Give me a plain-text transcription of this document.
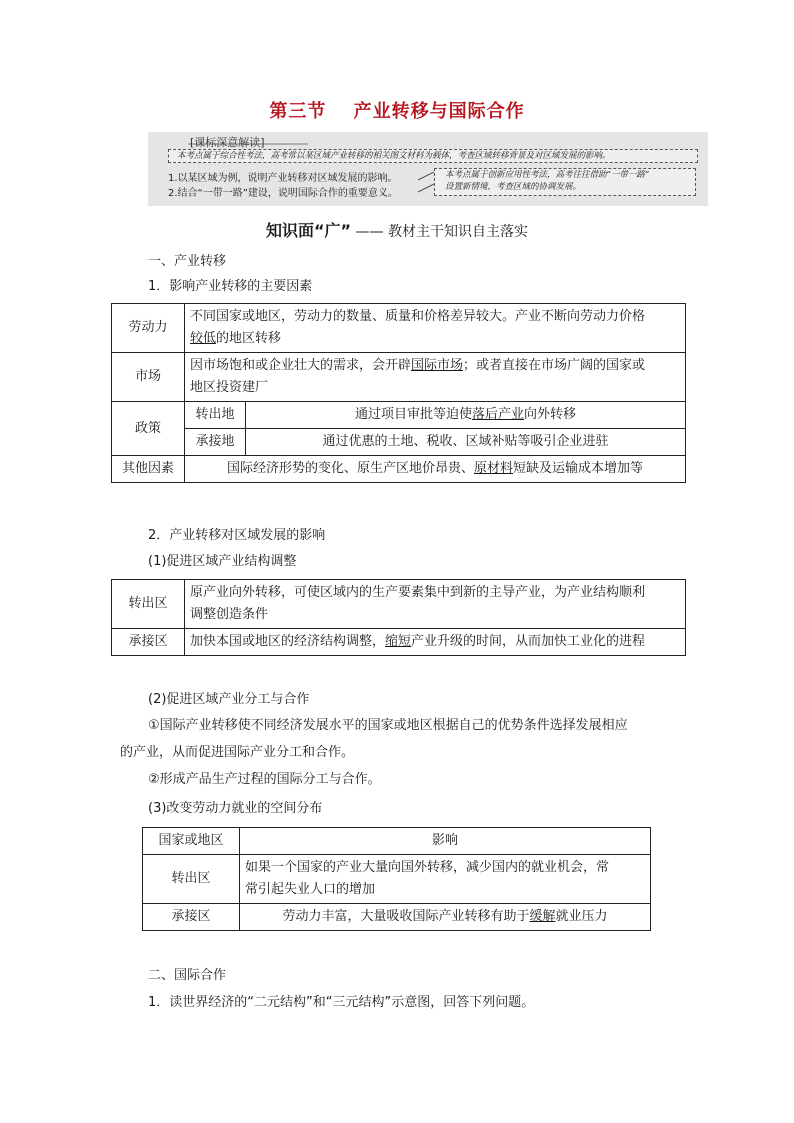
第三节 产业转移与国际合作
[课标深意解读]
本考点属于综合性考法，高考常以某区域产业转移的相关图文材料为载体，考查区域转移背景及对区域发展的影响。
1.以某区域为例，说明产业转移对区域发展的影响。
2.结合“一带一路”建设，说明国际合作的重要意义。
本考点属于创新应用性考法，高考往往借助“一带一路”
设置新情境，考查区域的协调发展。
知识面“广” —— 教材主干知识自主落实
一、产业转移
1．影响产业转移的主要因素
劳动力	不同国家或地区，劳动力的数量、质量和价格差异较大。产业不断向劳动力价格
较低的地区转移	
市场	因市场饱和或企业壮大的需求，会开辟国际市场；或者直接在市场广阔的国家或
地区投资建厂	
政策	转出地	通过项目审批等迫使落后产业向外转移
	承接地	通过优惠的土地、税收、区域补贴等吸引企业进驻
其他因素	国际经济形势的变化、原生产区地价昂贵、原材料短缺及运输成本增加等	
2．产业转移对区域发展的影响
(1)促进区域产业结构调整
转出区	原产业向外转移，可使区域内的生产要素集中到新的主导产业，为产业结构顺利
调整创造条件
承接区	加快本国或地区的经济结构调整，缩短产业升级的时间，从而加快工业化的进程
(2)促进区域产业分工与合作
①国际产业转移使不同经济发展水平的国家或地区根据自己的优势条件选择发展相应
的产业，从而促进国际产业分工和合作。
②形成产品生产过程的国际分工与合作。
(3)改变劳动力就业的空间分布
国家或地区	影响
转出区	如果一个国家的产业大量向国外转移，减少国内的就业机会，常
常引起失业人口的增加
承接区	劳动力丰富，大量吸收国际产业转移有助于缓解就业压力
二、国际合作
1．读世界经济的“二元结构”和“三元结构”示意图，回答下列问题。
